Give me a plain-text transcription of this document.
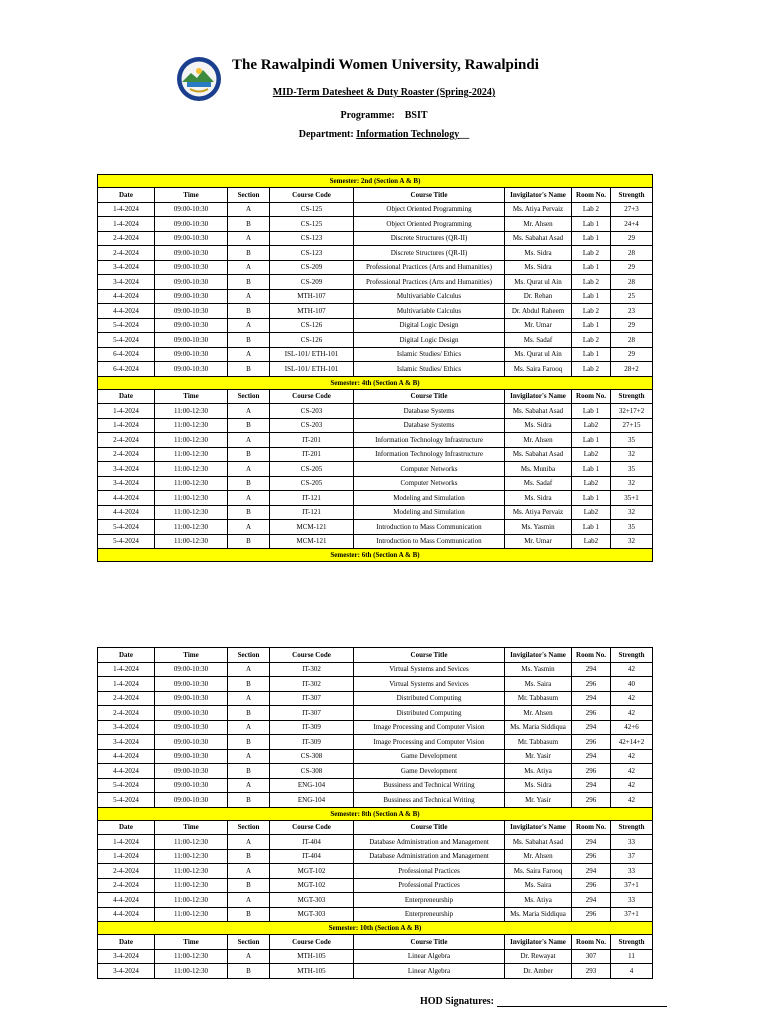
The Rawalpindi Women University, Rawalpindi
MID-Term Datesheet & Duty Roaster (Spring-2024)
Programme: BSIT
Department: Information Technology__
Semester: 2nd (Section A & B)							
Date	Time	Section	Course Code	Course Title	Invigilator's Name	Room No.	Strength
1-4-2024	09:00-10:30	A	CS-125	Object Oriented Programming	Ms. Atiya Pervaiz	Lab 2	27+3
1-4-2024	09:00-10:30	B	CS-125	Object Oriented Programming	Mr. Ahsen	Lab 1	24+4
2-4-2024	09:00-10:30	A	CS-123	Discrete Structures (QR-II)	Ms. Sabahat Asad	Lab 1	29
2-4-2024	09:00-10:30	B	CS-123	Discrete Structures (QR-II)	Ms. Sidra	Lab 2	28
3-4-2024	09:00-10:30	A	CS-209	Professional Practices (Arts and Humanities)	Ms. Sidra	Lab 1	29
3-4-2024	09:00-10:30	B	CS-209	Professional Practices (Arts and Humanities)	Ms. Qurat ul Ain	Lab 2	28
4-4-2024	09:00-10:30	A	MTH-107	Multivariable Calculus	Dr. Rehan	Lab 1	25
4-4-2024	09:00-10:30	B	MTH-107	Multivariable Calculus	Dr. Abdul Raheem	Lab 2	23
5-4-2024	09:00-10:30	A	CS-126	Digital Logic Design	Mr. Umar	Lab 1	29
5-4-2024	09:00-10:30	B	CS-126	Digital Logic Design	Ms. Sadaf	Lab 2	28
6-4-2024	09:00-10:30	A	ISL-101/ ETH-101	Islamic Studies/ Ethics	Ms. Qurat ul Ain	Lab 1	29
6-4-2024	09:00-10:30	B	ISL-101/ ETH-101	Islamic Studies/ Ethics	Ms. Saira Farooq	Lab 2	28+2
Semester: 4th (Section A & B)							
Date	Time	Section	Course Code	Course Title	Invigilator's Name	Room No.	Strength
1-4-2024	11:00-12:30	A	CS-203	Database Systems	Ms. Sabahat Asad	Lab 1	32+17+2
1-4-2024	11:00-12:30	B	CS-203	Database Systems	Ms. Sidra	Lab2	27+15
2-4-2024	11:00-12:30	A	IT-201	Information Technology Infrastructure	Mr. Ahsen	Lab 1	35
2-4-2024	11:00-12:30	B	IT-201	Information Technology Infrastructure	Ms. Sabahat Asad	Lab2	32
3-4-2024	11:00-12:30	A	CS-205	Computer Networks	Ms. Muniba	Lab 1	35
3-4-2024	11:00-12:30	B	CS-205	Computer Networks	Ms. Sadaf	Lab2	32
4-4-2024	11:00-12:30	A	IT-121	Modeling and Simulation	Ms. Sidra	Lab 1	35+1
4-4-2024	11:00-12:30	B	IT-121	Modeling and Simulation	Ms. Atiya Pervaiz	Lab2	32
5-4-2024	11:00-12:30	A	MCM-121	Introduction to Mass Communication	Ms. Yasmin	Lab 1	35
5-4-2024	11:00-12:30	B	MCM-121	Introduction to Mass Communication	Mr. Umar	Lab2	32
Semester: 6th (Section A & B)							
Date	Time	Section	Course Code	Course Title	Invigilator's Name	Room No.	Strength
1-4-2024	09:00-10:30	A	IT-302	Virtual Systems and Sevices	Ms. Yasmin	294	42
1-4-2024	09:00-10:30	B	IT-302	Virtual Systems and Sevices	Ms. Saira	296	40
2-4-2024	09:00-10:30	A	IT-307	Distributed Computing	Mr. Tabbasum	294	42
2-4-2024	09:00-10:30	B	IT-307	Distributed Computing	Mr. Ahsen	296	42
3-4-2024	09:00-10:30	A	IT-309	Image Processing and Computer Vision	Ms. Maria Siddiqua	294	42+6
3-4-2024	09:00-10:30	B	IT-309	Image Processing and Computer Vision	Mr. Tabbasum	296	42+14+2
4-4-2024	09:00-10:30	A	CS-308	Game Development	Mr. Yasir	294	42
4-4-2024	09:00-10:30	B	CS-308	Game Development	Ms. Atiya	296	42
5-4-2024	09:00-10:30	A	ENG-104	Bussiness and Technical Writing	Ms. Sidra	294	42
5-4-2024	09:00-10:30	B	ENG-104	Bussiness and Technical Writing	Mr. Yasir	296	42
Semester: 8th (Section A & B)							
Date	Time	Section	Course Code	Course Title	Invigilator's Name	Room No.	Strength
1-4-2024	11:00-12:30	A	IT-404	Database Administration and Management	Ms. Sabahat Asad	294	33
1-4-2024	11:00-12:30	B	IT-404	Database Administration and Management	Mr. Ahsen	296	37
2-4-2024	11:00-12:30	A	MGT-102	Professional Practices	Ms. Saira Farooq	294	33
2-4-2024	11:00-12:30	B	MGT-102	Professional Practices	Ms. Saira	296	37+1
4-4-2024	11:00-12:30	A	MGT-303	Enterpreneurship	Ms. Atiya	294	33
4-4-2024	11:00-12:30	B	MGT-303	Enterpreneurship	Ms. Maria Siddiqua	296	37+1
Semester: 10th (Section A & B)							
Date	Time	Section	Course Code	Course Title	Invigilator's Name	Room No.	Strength
3-4-2024	11:00-12:30	A	MTH-105	Linear Algebra	Dr. Rewayat	307	11
3-4-2024	11:00-12:30	B	MTH-105	Linear Algebra	Dr. Amber	293	4
HOD Signatures:
